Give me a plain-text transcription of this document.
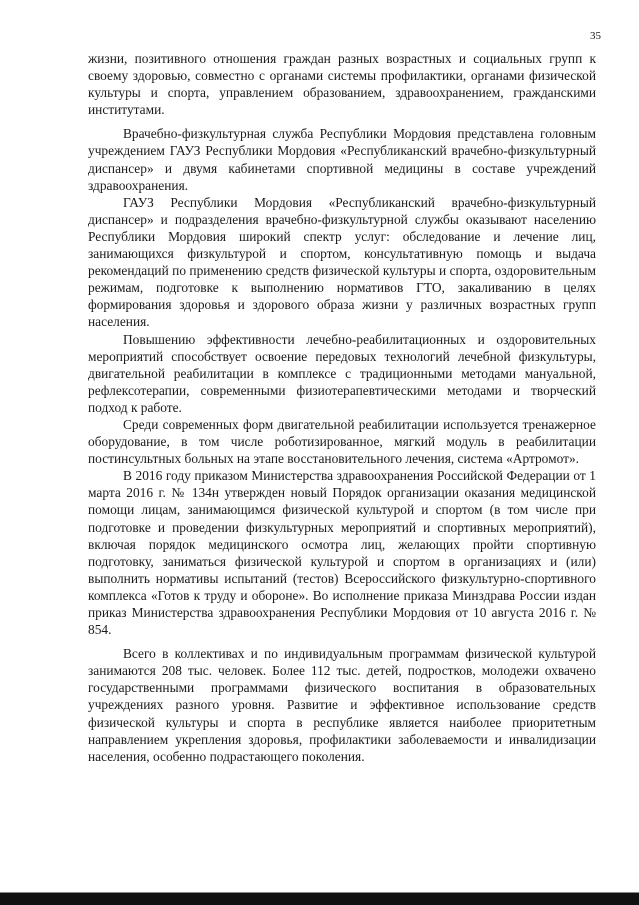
35

жизни, позитивного отношения граждан разных возрастных и социальных групп к своему здоровью, совместно с органами системы профилактики, органами физической культуры и спорта, управлением образованием, здравоохранением, гражданскими институтами.

Врачебно-физкультурная служба Республики Мордовия представлена головным учреждением ГАУЗ Республики Мордовия «Республиканский врачебно-физкультурный диспансер» и двумя кабинетами спортивной медицины в составе учреждений здравоохранения.

ГАУЗ Республики Мордовия «Республиканский врачебно-физкультурный диспансер» и подразделения врачебно-физкультурной службы оказывают населению Республики Мордовия широкий спектр услуг: обследование и лечение лиц, занимающихся физкультурой и спортом, консультативную помощь и выдача рекомендаций по применению средств физической культуры и спорта, оздоровительным режимам, подготовке к выполнению нормативов ГТО, закаливанию в целях формирования здоровья и здорового образа жизни у различных возрастных групп населения.

Повышению эффективности лечебно-реабилитационных и оздоровительных мероприятий способствует освоение передовых технологий лечебной физкультуры, двигательной реабилитации в комплексе с традиционными методами мануальной, рефлексотерапии, современными физиотерапевтическими методами и творческий подход к работе.

Среди современных форм двигательной реабилитации используется тренажерное оборудование, в том числе роботизированное, мягкий модуль в реабилитации постинсультных больных на этапе восстановительного лечения, система «Артромот».

В 2016 году приказом Министерства здравоохранения Российской Федерации от 1 марта 2016 г. № 134н утвержден новый Порядок организации оказания медицинской помощи лицам, занимающимся физической культурой и спортом (в том числе при подготовке и проведении физкультурных мероприятий и спортивных мероприятий), включая порядок медицинского осмотра лиц, желающих пройти спортивную подготовку, заниматься физической культурой и спортом в организациях и (или) выполнить нормативы испытаний (тестов) Всероссийского физкультурно-спортивного комплекса «Готов к труду и обороне». Во исполнение приказа Минздрава России издан приказ Министерства здравоохранения Республики Мордовия от 10 августа 2016 г. № 854.

Всего в коллективах и по индивидуальным программам физической культурой занимаются 208 тыс. человек. Более 112 тыс. детей, подростков, молодежи охвачено государственными программами физического воспитания в образовательных учреждениях разного уровня. Развитие и эффективное использование средств физической культуры и спорта в республике является наиболее приоритетным направлением укрепления здоровья, профилактики заболеваемости и инвалидизации населения, особенно подрастающего поколения.
